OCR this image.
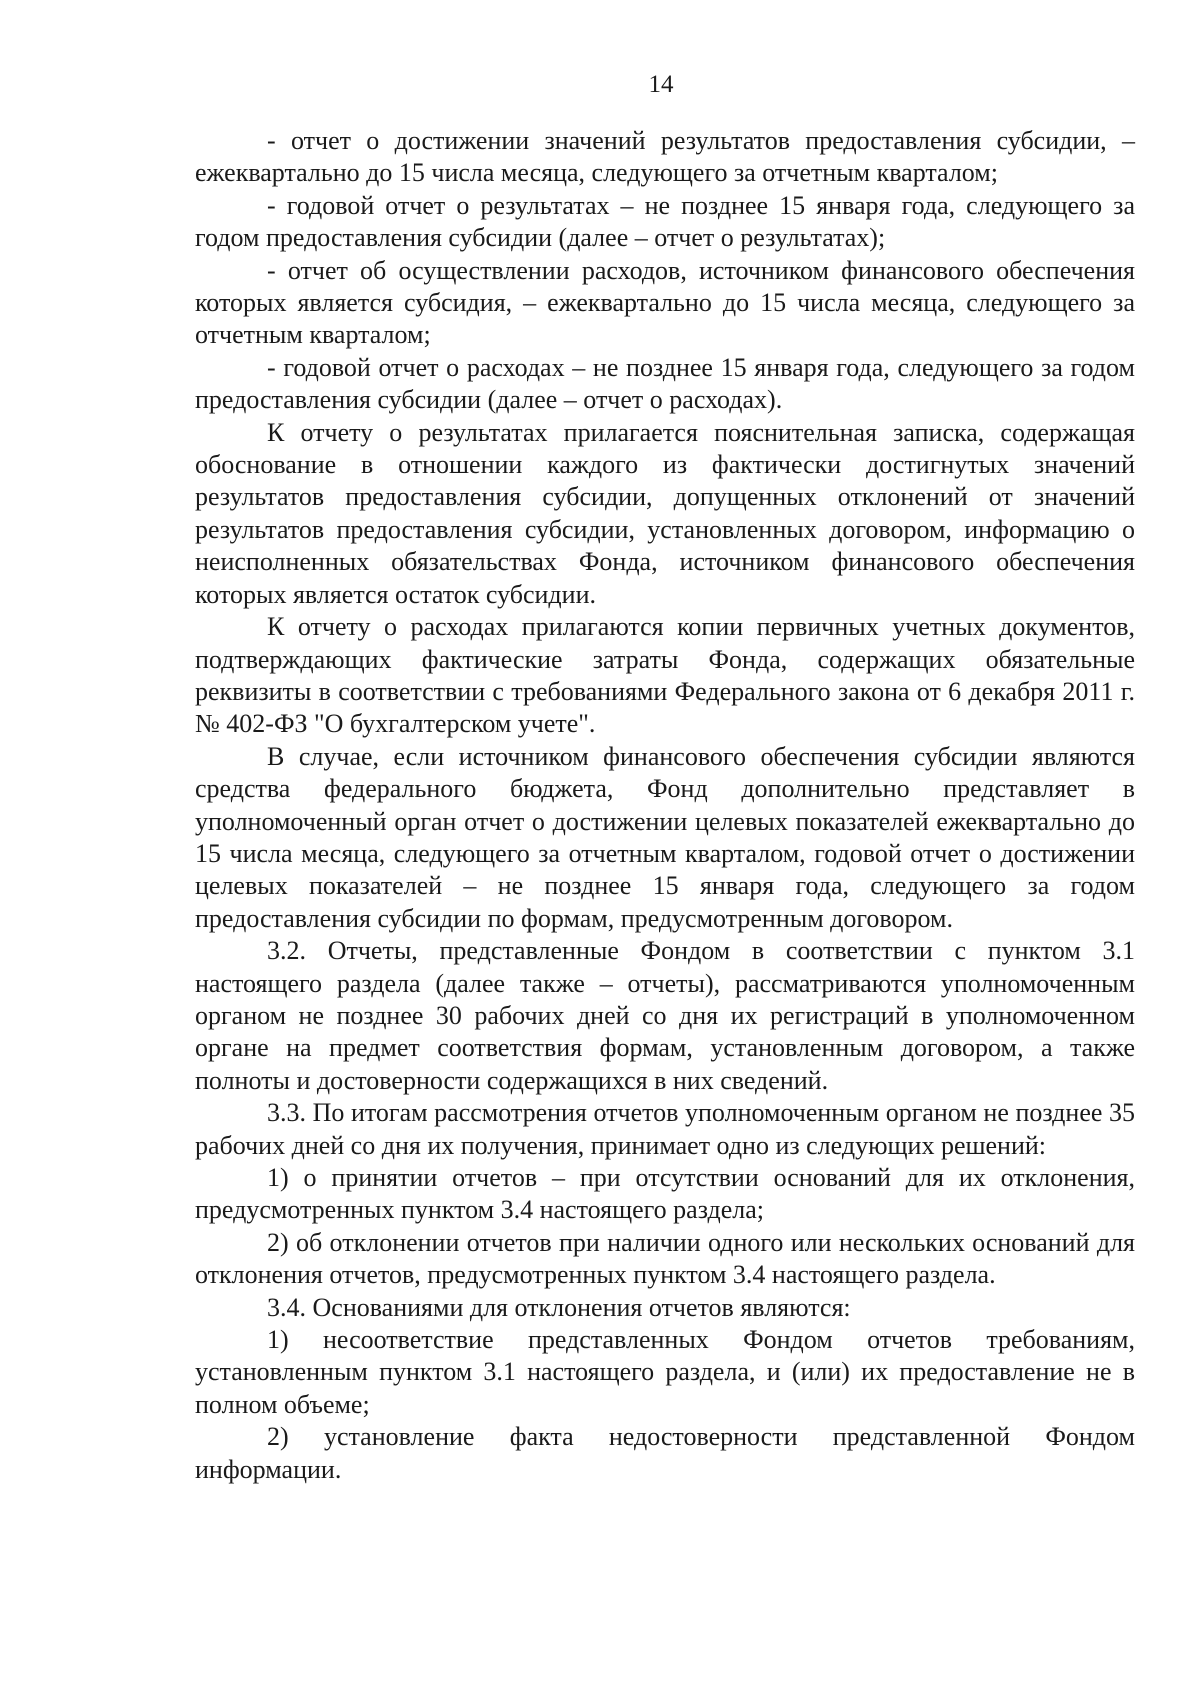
14

- отчет о достижении значений результатов предоставления субсидии, – ежеквартально до 15 числа месяца, следующего за отчетным кварталом;

- годовой отчет о результатах – не позднее 15 января года, следующего за годом предоставления субсидии (далее – отчет о результатах);

- отчет об осуществлении расходов, источником финансового обеспечения которых является субсидия, – ежеквартально до 15 числа месяца, следующего за отчетным кварталом;

- годовой отчет о расходах – не позднее 15 января года, следующего за годом предоставления субсидии (далее – отчет о расходах).

К отчету о результатах прилагается пояснительная записка, содержащая обоснование в отношении каждого из фактически достигнутых значений результатов предоставления субсидии, допущенных отклонений от значений результатов предоставления субсидии, установленных договором, информацию о неисполненных обязательствах Фонда, источником финансового обеспечения которых является остаток субсидии.

К отчету о расходах прилагаются копии первичных учетных документов, подтверждающих фактические затраты Фонда, содержащих обязательные реквизиты в соответствии с требованиями Федерального закона от 6 декабря 2011 г. № 402-ФЗ "О бухгалтерском учете".

В случае, если источником финансового обеспечения субсидии являются средства федерального бюджета, Фонд дополнительно представляет в уполномоченный орган отчет о достижении целевых показателей ежеквартально до 15 числа месяца, следующего за отчетным кварталом, годовой отчет о достижении целевых показателей – не позднее 15 января года, следующего за годом предоставления субсидии по формам, предусмотренным договором.

3.2. Отчеты, представленные Фондом в соответствии с пунктом 3.1 настоящего раздела (далее также – отчеты), рассматриваются уполномоченным органом не позднее 30 рабочих дней со дня их регистраций в уполномоченном органе на предмет соответствия формам, установленным договором, а также полноты и достоверности содержащихся в них сведений.

3.3. По итогам рассмотрения отчетов уполномоченным органом не позднее 35 рабочих дней со дня их получения, принимает одно из следующих решений:

1) о принятии отчетов – при отсутствии оснований для их отклонения, предусмотренных пунктом 3.4 настоящего раздела;

2) об отклонении отчетов при наличии одного или нескольких оснований для отклонения отчетов, предусмотренных пунктом 3.4 настоящего раздела.

3.4. Основаниями для отклонения отчетов являются:

1) несоответствие представленных Фондом отчетов требованиям, установленным пунктом 3.1 настоящего раздела, и (или) их предоставление не в полном объеме;

2) установление факта недостоверности представленной Фондом информации.
